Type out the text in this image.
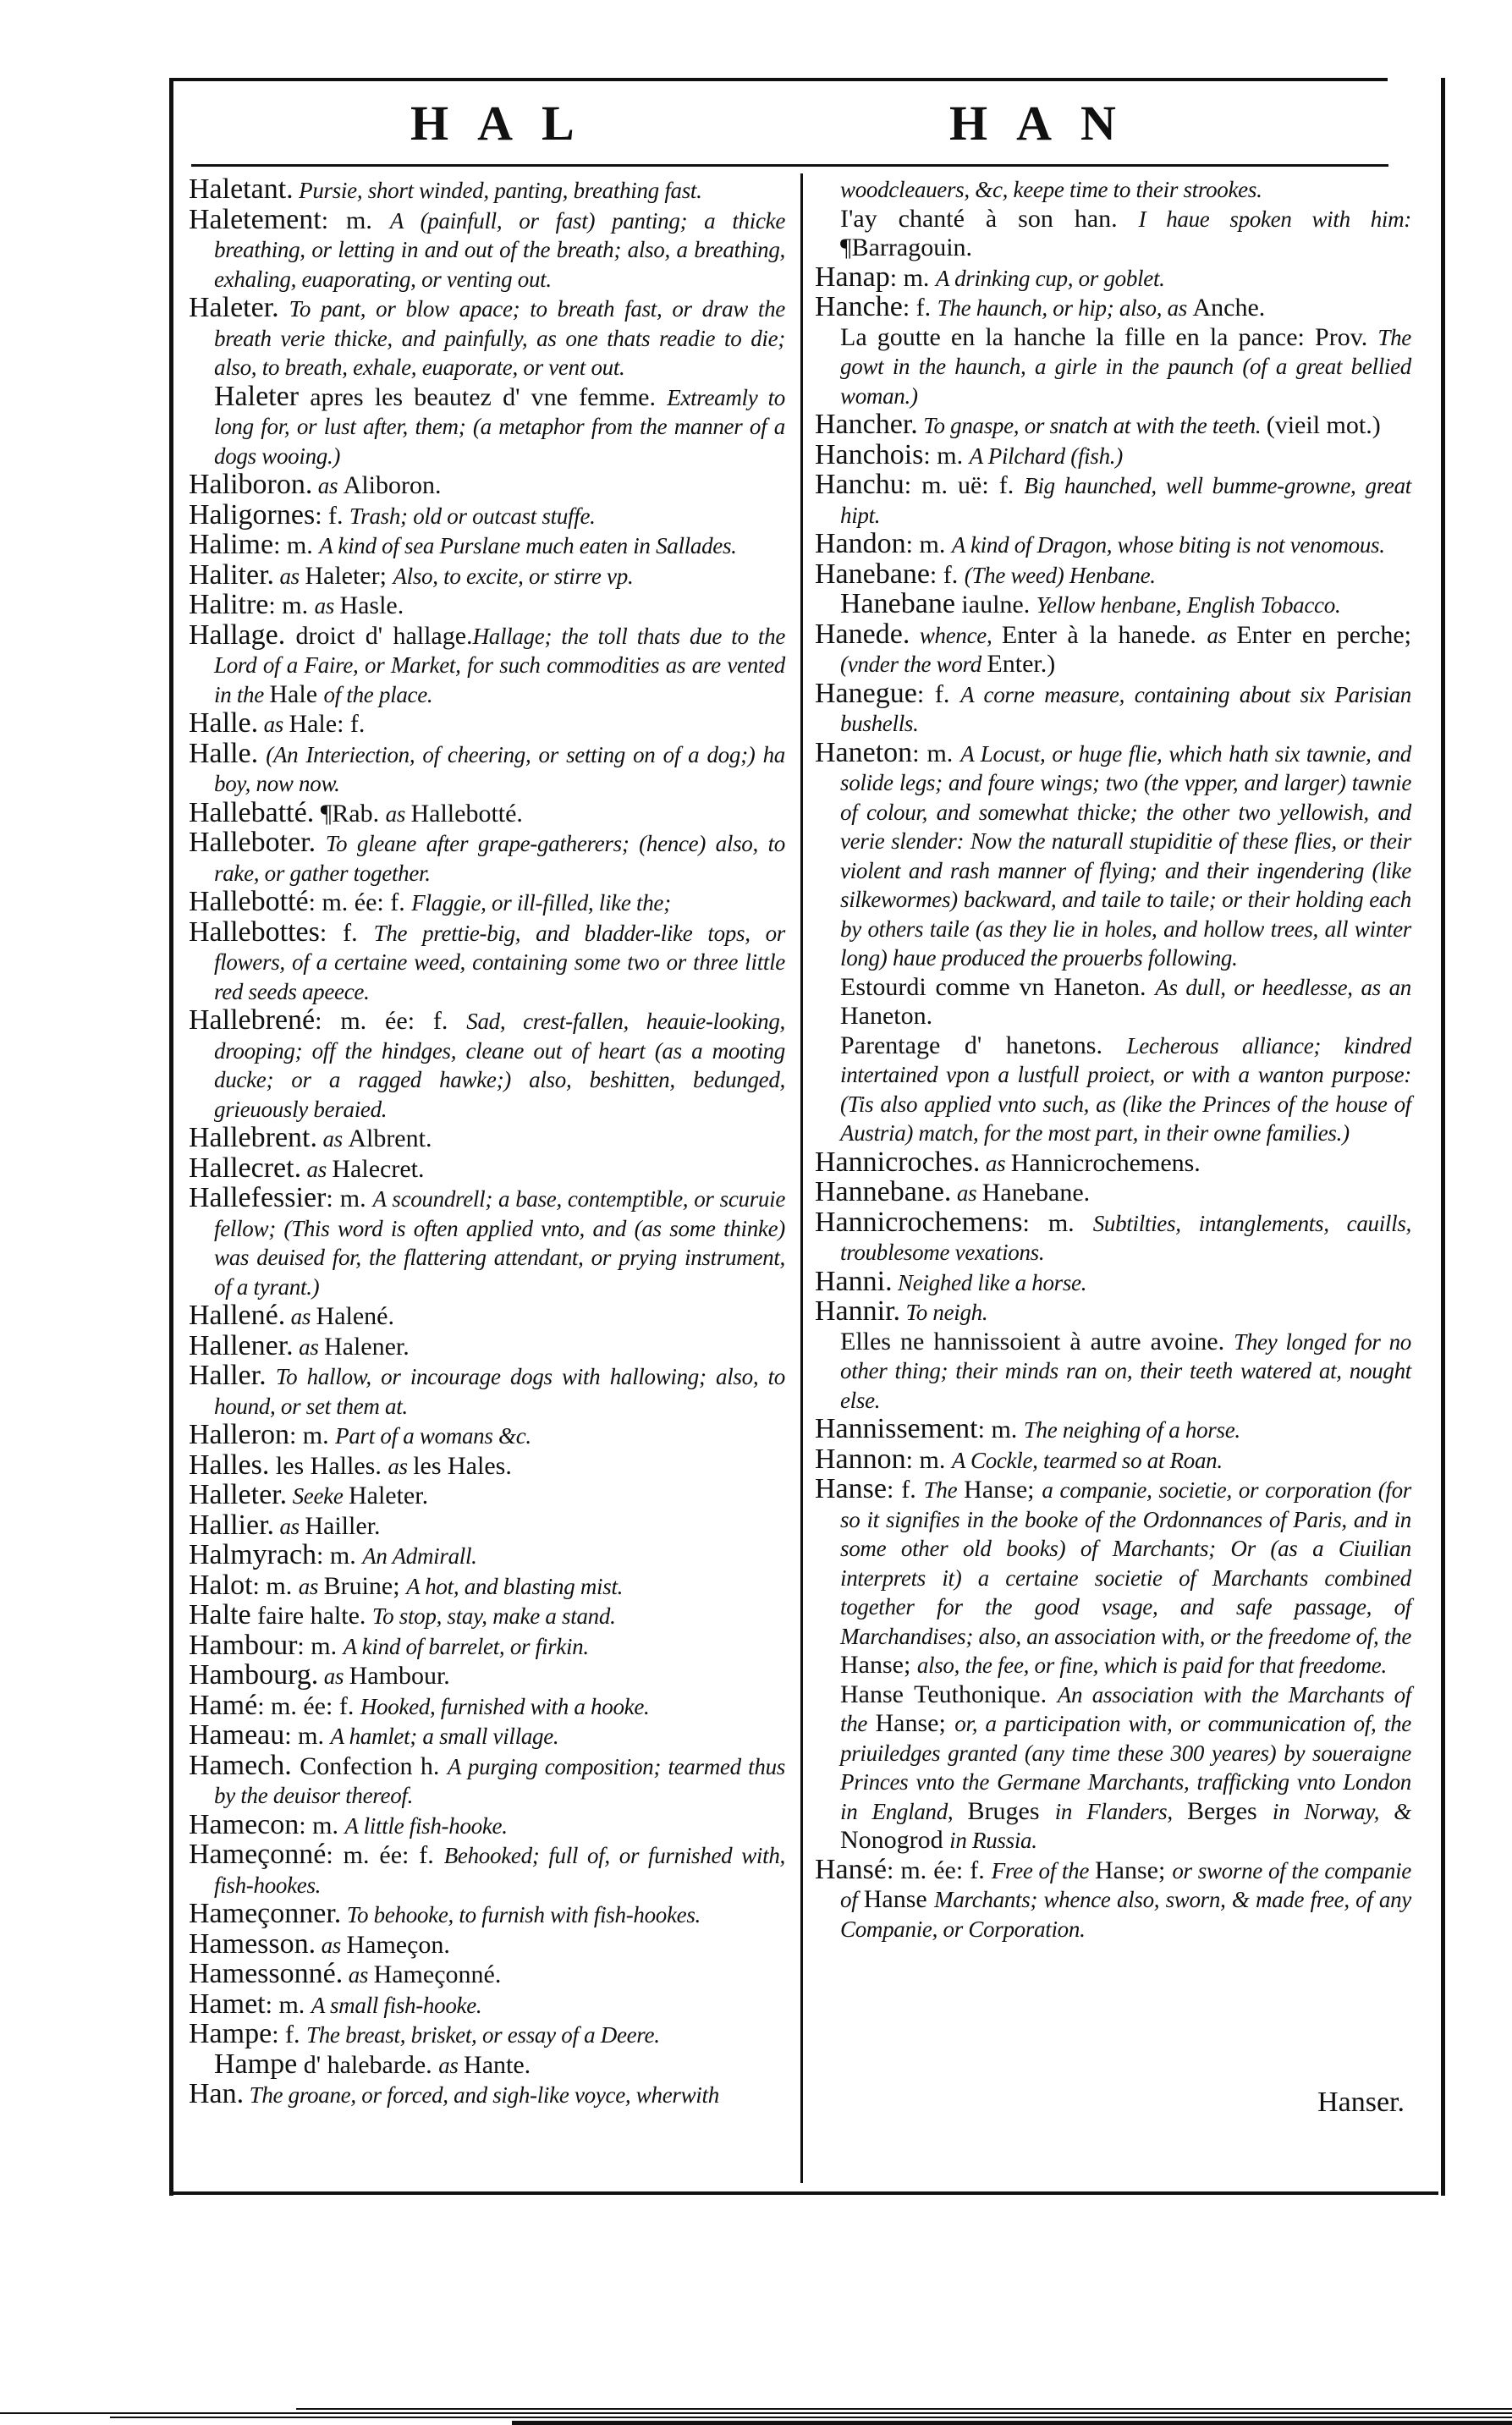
HAL	HAN

Haletant. Pursie, short winded, panting, breathing fast.

Haletement: m. A (painfull, or fast) panting; a thicke breathing, or letting in and out of the breath; also, a breathing, exhaling, euaporating, or venting out.

Haleter. To pant, or blow apace; to breath fast, or draw the breath verie thicke, and painfully, as one thats readie to die; also, to breath, exhale, euaporate, or vent out.

Haleter apres les beautez d' vne femme. Extreamly to long for, or lust after, them; (a metaphor from the manner of a dogs wooing.)

Haliboron. as Aliboron.

Haligornes: f. Trash; old or outcast stuffe.

Halime: m. A kind of sea Purslane much eaten in Sallades.

Haliter. as Haleter; Also, to excite, or stirre vp.

Halitre: m. as Hasle.

Hallage. droict d' hallage.Hallage; the toll thats due to the Lord of a Faire, or Market, for such commodities as are vented in the Hale of the place.

Halle. as Hale: f.

Halle. (An Interiection, of cheering, or setting on of a dog;) ha boy, now now.

Hallebatté. ¶Rab. as Hallebotté.

Halleboter. To gleane after grape-gatherers; (hence) also, to rake, or gather together.

Hallebotté: m. ée: f. Flaggie, or ill-filled, like the;

Hallebottes: f. The prettie-big, and bladder-like tops, or flowers, of a certaine weed, containing some two or three little red seeds apeece.

Hallebrené: m. ée: f. Sad, crest-fallen, heauie-looking, drooping; off the hindges, cleane out of heart (as a mooting ducke; or a ragged hawke;) also, beshitten, bedunged, grieuously beraied.

Hallebrent. as Albrent.

Hallecret. as Halecret.

Hallefessier: m. A scoundrell; a base, contemptible, or scuruie fellow; (This word is often applied vnto, and (as some thinke) was deuised for, the flattering attendant, or prying instrument, of a tyrant.)

Hallené. as Halené.

Hallener. as Halener.

Haller. To hallow, or incourage dogs with hallowing; also, to hound, or set them at.

Halleron: m. Part of a womans &c.

Halles. les Halles. as les Hales.

Halleter. Seeke Haleter.

Hallier. as Hailler.

Halmyrach: m. An Admirall.

Halot: m. as Bruine; A hot, and blasting mist.

Halte faire halte. To stop, stay, make a stand.

Hambour: m. A kind of barrelet, or firkin.

Hambourg. as Hambour.

Hamé: m. ée: f. Hooked, furnished with a hooke.

Hameau: m. A hamlet; a small village.

Hamech. Confection h. A purging composition; tearmed thus by the deuisor thereof.

Hamecon: m. A little fish-hooke.

Hameçonné: m. ée: f. Behooked; full of, or furnished with, fish-hookes.

Hameçonner. To behooke, to furnish with fish-hookes.

Hamesson. as Hameçon.

Hamessonné. as Hameçonné.

Hamet: m. A small fish-hooke.

Hampe: f. The breast, brisket, or essay of a Deere.

Hampe d' halebarde. as Hante.

Han. The groane, or forced, and sigh-like voyce, wherwith

woodcleauers, &c, keepe time to their strookes.

I'ay chanté à son han. I haue spoken with him: ¶Barragouin.

Hanap: m. A drinking cup, or goblet.

Hanche: f. The haunch, or hip; also, as Anche.

La goutte en la hanche la fille en la pance: Prov. The gowt in the haunch, a girle in the paunch (of a great bellied woman.)

Hancher. To gnaspe, or snatch at with the teeth. (vieil mot.)

Hanchois: m. A Pilchard (fish.)

Hanchu: m. uë: f. Big haunched, well bumme-growne, great hipt.

Handon: m. A kind of Dragon, whose biting is not venomous.

Hanebane: f. (The weed) Henbane.

Hanebane iaulne. Yellow henbane, English Tobacco.

Hanede. whence, Enter à la hanede. as Enter en perche; (vnder the word Enter.)

Hanegue: f. A corne measure, containing about six Parisian bushells.

Haneton: m. A Locust, or huge flie, which hath six tawnie, and solide legs; and foure wings; two (the vpper, and larger) tawnie of colour, and somewhat thicke; the other two yellowish, and verie slender: Now the naturall stupiditie of these flies, or their violent and rash manner of flying; and their ingendering (like silkewormes) backward, and taile to taile; or their holding each by others taile (as they lie in holes, and hollow trees, all winter long) haue produced the prouerbs following.

Estourdi comme vn Haneton. As dull, or heedlesse, as an Haneton.

Parentage d' hanetons. Lecherous alliance; kindred intertained vpon a lustfull proiect, or with a wanton purpose: (Tis also applied vnto such, as (like the Princes of the house of Austria) match, for the most part, in their owne families.)

Hannicroches. as Hannicrochemens.

Hannebane. as Hanebane.

Hannicrochemens: m. Subtilties, intanglements, cauills, troublesome vexations.

Hanni. Neighed like a horse.

Hannir. To neigh.

Elles ne hannissoient à autre avoine. They longed for no other thing; their minds ran on, their teeth watered at, nought else.

Hannissement: m. The neighing of a horse.

Hannon: m. A Cockle, tearmed so at Roan.

Hanse: f. The Hanse; a companie, societie, or corporation (for so it signifies in the booke of the Ordonnances of Paris, and in some other old books) of Marchants; Or (as a Ciuilian interprets it) a certaine societie of Marchants combined together for the good vsage, and safe passage, of Marchandises; also, an association with, or the freedome of, the Hanse; also, the fee, or fine, which is paid for that freedome.

Hanse Teuthonique. An association with the Marchants of the Hanse; or, a participation with, or communication of, the priuiledges granted (any time these 300 yeares) by soueraigne Princes vnto the Germane Marchants, trafficking vnto London in England, Bruges in Flanders, Berges in Norway, & Nonogrod in Russia.

Hansé: m. ée: f. Free of the Hanse; or sworne of the companie of Hanse Marchants; whence also, sworn, & made free, of any Companie, or Corporation.

Hanser.
